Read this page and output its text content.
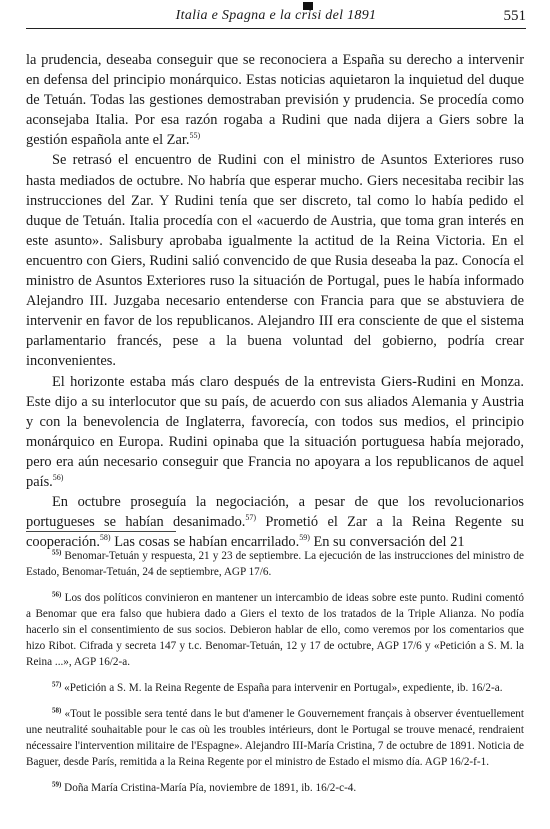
Italia e Spagna e la crisi del 1891	551

la prudencia, deseaba conseguir que se reconociera a España su derecho a intervenir en defensa del principio monárquico. Estas noticias aquietaron la inquietud del duque de Tetuán. Todas las gestiones demostraban previsión y prudencia. Se procedía como aconsejaba Italia. Por esa razón rogaba a Rudini que nada dijera a Giers sobre la gestión española ante el Zar.$^{55)}$

Se retrasó el encuentro de Rudini con el ministro de Asuntos Exteriores ruso hasta mediados de octubre. No habría que esperar mucho. Giers necesitaba recibir las instrucciones del Zar. Y Rudini tenía que ser discreto, tal como lo había pedido el duque de Tetuán. Italia procedía con el «acuerdo de Austria, que toma gran interés en este asunto». Salisbury aprobaba igualmente la actitud de la Reina Victoria. En el encuentro con Giers, Rudini salió convencido de que Rusia deseaba la paz. Conocía el ministro de Asuntos Exteriores ruso la situación de Portugal, pues le había informado Alejandro III. Juzgaba necesario entenderse con Francia para que se abstuviera de intervenir en favor de los republicanos. Alejandro III era consciente de que el sistema parlamentario francés, pese a la buena voluntad del gobierno, podría crear inconvenientes.

El horizonte estaba más claro después de la entrevista Giers-Rudini en Monza. Este dijo a su interlocutor que su país, de acuerdo con sus aliados Alemania y Austria y con la benevolencia de Inglaterra, favorecía, con todos sus medios, el principio monárquico en Europa. Rudini opinaba que la situación portuguesa había mejorado, pero era aún necesario conseguir que Francia no apoyara a los republicanos de aquel país.$^{56)}$

En octubre proseguía la negociación, a pesar de que los revolucionarios portugueses se habían desanimado.$^{57)}$ Prometió el Zar a la Reina Regente su cooperación.$^{58)}$ Las cosas se habían encarrilado.$^{59)}$ En su conversación del 21

$^{55)}$ Benomar-Tetuán y respuesta, 21 y 23 de septiembre. La ejecución de las instrucciones del ministro de Estado, Benomar-Tetuán, 24 de septiembre, AGP 17/6.

$^{56)}$ Los dos políticos convinieron en mantener un intercambio de ideas sobre este punto. Rudini comentó a Benomar que era falso que hubiera dado a Giers el texto de los tratados de la Triple Alianza. No podía hacerlo sin el consentimiento de sus socios. Debieron hablar de ello, como veremos por los comentarios que hizo Ribot. Cifrada y secreta 147 y t.c. Benomar-Tetuán, 12 y 17 de octubre, AGP 17/6 y «Petición a S. M. la Reina ...», AGP 16/2-a.

$^{57)}$ «Petición a S. M. la Reina Regente de España para intervenir en Portugal», expediente, ib. 16/2-a.

$^{58)}$ «Tout le possible sera tenté dans le but d'amener le Gouvernement français à observer éventuellement une neutralité souhaitable pour le cas où les troubles intérieurs, dont le Portugal se trouve menacé, rendraient nécessaire l'intervention militaire de l'Espagne». Alejandro III-María Cristina, 7 de octubre de 1891. Noticia de Baguer, desde París, remitida a la Reina Regente por el ministro de Estado el mismo día. AGP 16/2-f-1.

$^{59)}$ Doña María Cristina-María Pía, noviembre de 1891, ib. 16/2-c-4.
